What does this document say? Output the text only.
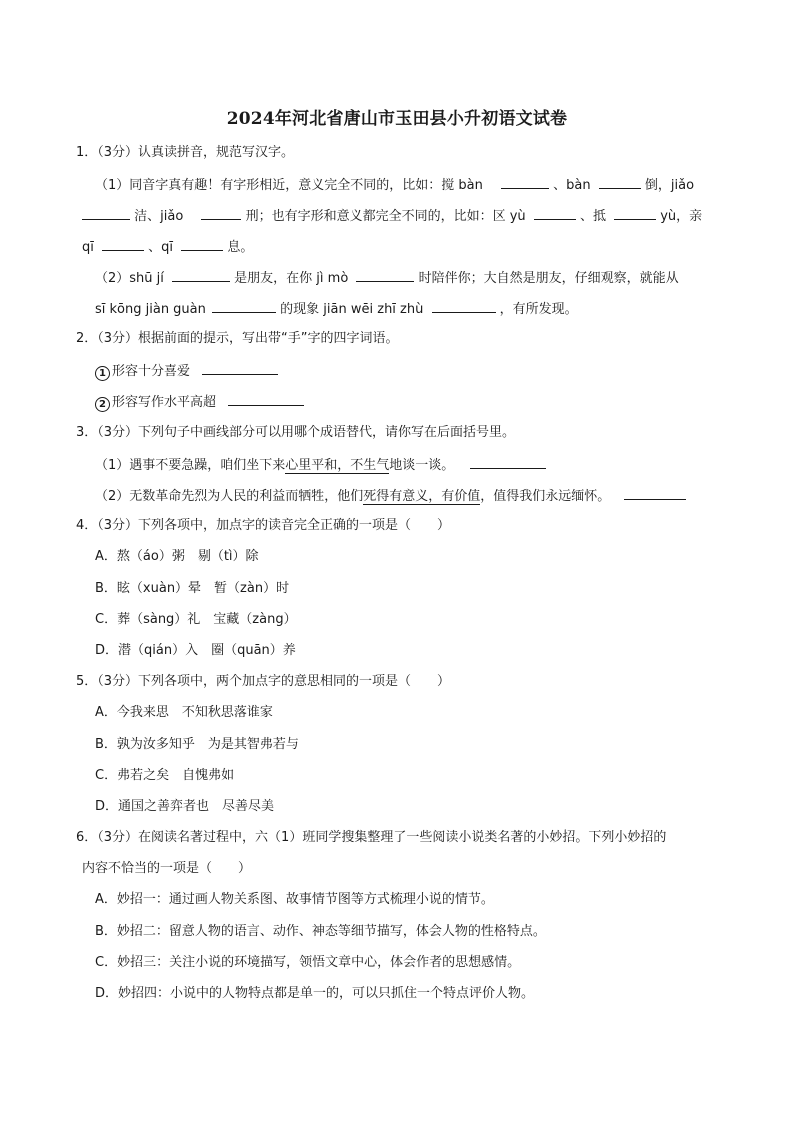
2024年河北省唐山市玉田县小升初语文试卷
1．（3分）认真读拼音，规范写汉字。
（1）同音字真有趣！有字形相近，意义完全不同的，比如：搅 bàn	、bàn	倒，jiǎo
洁、jiǎo	刑；也有字形和意义都完全不同的，比如：区 yù	、抵	yù，亲
qī	、qī	息。
（2）shū jí	是朋友，在你 jì mò	时陪伴你；大自然是朋友，仔细观察，就能从
sī kōng jiàn guàn	的现象 jiān wēi zhī zhù	，有所发现。
2．（3分）根据前面的提示，写出带“手”字的四字词语。
1 形容十分喜爱
2 形容写作水平高超
3．（3分）下列句子中画线部分可以用哪个成语替代，请你写在后面括号里。
（1）遇事不要急躁，咱们坐下来心里平和，不生气地谈一谈。
（2）无数革命先烈为人民的利益而牺牲，他们死得有意义，有价值，值得我们永远缅怀。
4．（3分）下列各项中，加点字的读音完全正确的一项是（　　）
A．熬（áo）粥　剔（tì）除
B．眩（xuàn）晕　暂（zàn）时
C．葬（sàng）礼　宝藏（zàng）
D．潜（qián）入　圈（quān）养
5．（3分）下列各项中，两个加点字的意思相同的一项是（　　）
A．今我来思　不知秋思落谁家
B．孰为汝多知乎　为是其智弗若与
C．弗若之矣　自愧弗如
D．通国之善弈者也　尽善尽美
6．（3分）在阅读名著过程中，六（1）班同学搜集整理了一些阅读小说类名著的小妙招。下列小妙招的
内容不恰当的一项是（　　）
A．妙招一：通过画人物关系图、故事情节图等方式梳理小说的情节。
B．妙招二：留意人物的语言、动作、神态等细节描写，体会人物的性格特点。
C．妙招三：关注小说的环境描写，领悟文章中心，体会作者的思想感情。
D．妙招四：小说中的人物特点都是单一的，可以只抓住一个特点评价人物。
